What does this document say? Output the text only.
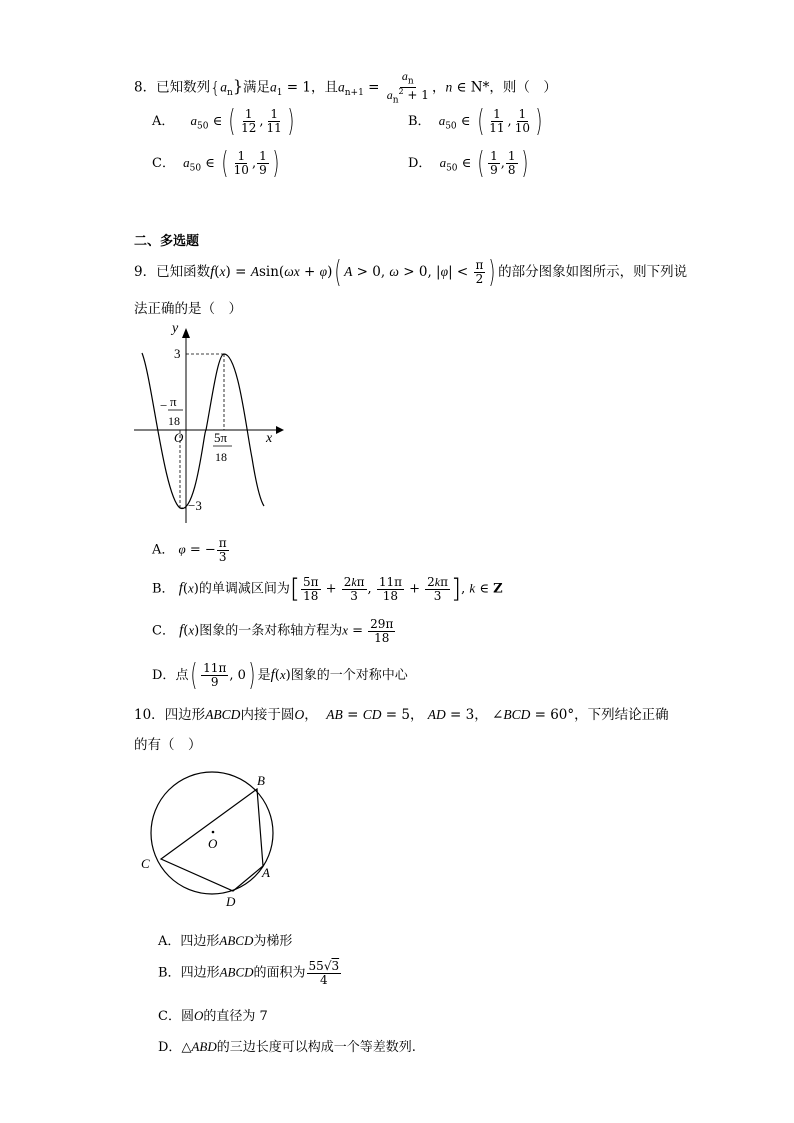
8．已知数列$\{a_n\}$满足$a_1 = 1$，且$a_{n+1} = \frac{a_n}{a_n^2 + 1}$ ，n ∈ N*，则（　）
A． $a_{50}$ ∈ ( $\frac{1}{12}$ , $\frac{1}{11}$ )	B． $a_{50}$ ∈ ( $\frac{1}{11}$ , $\frac{1}{10}$ )
C． $a_{50}$ ∈ ( $\frac{1}{10}$ , $\frac{1}{9}$ )	D． $a_{50}$ ∈ ( $\frac{1}{9}$ , $\frac{1}{8}$ )
二、多选题
9．已知函数f(x) = Asin(ωx + φ)( A > 0, ω > 0, $|\varphi| < \frac{\pi}{2}$ ) 的部分图象如图所示，则下列说
法正确的是（　）
y
x
O
3
−3
− π
18
5π
18
A． φ = − $\frac{\pi}{3}$
B． f(x)的单调减区间为[ $\frac{5\pi}{18} + \frac{2k\pi}{3}$ , $\frac{11\pi}{18} + \frac{2k\pi}{3}$ ], k ∈ Z
C． f(x)图象的一条对称轴方程为$x = \frac{29\pi}{18}$
D．点( $\frac{11\pi}{9}$ , 0) 是f(x)图象的一个对称中心
10．四边形ABCD内接于圆O， AB = CD = 5， AD = 3， ∠BCD = 60°，下列结论正确
的有（　）
B
A
C
D
O
A．四边形ABCD为梯形
B．四边形ABCD的面积为 $\frac{55√3}{4}$
C．圆O的直径为 7
D．△ABD的三边长度可以构成一个等差数列.
